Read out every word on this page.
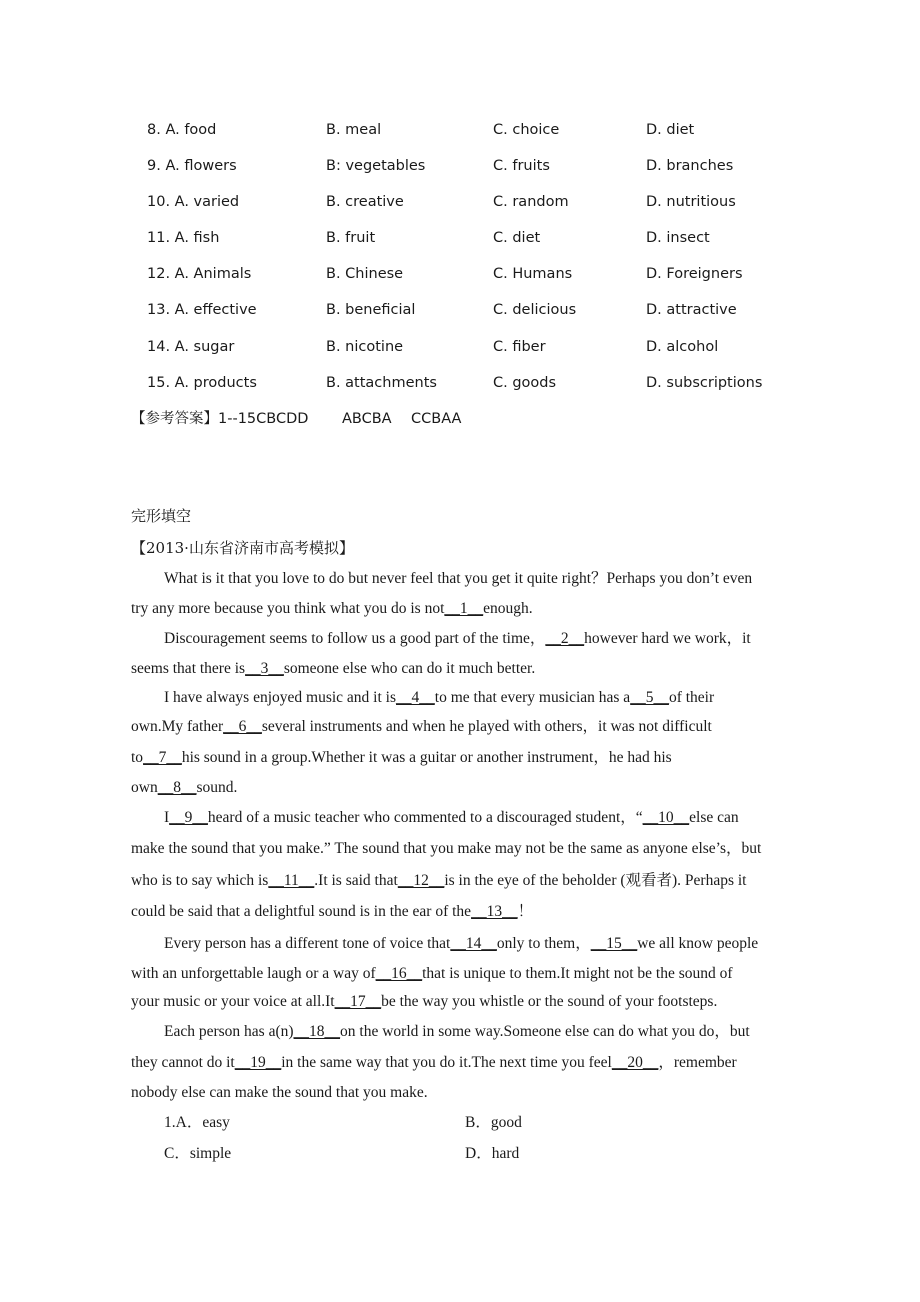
8. A. food	B. meal	C. choice	D. diet
9. A. flowers	B: vegetables	C. fruits	D. branches
10. A. varied	B. creative	C. random	D. nutritious
11. A. fish	B. fruit	C. diet	D. insect
12. A. Animals	B. Chinese	C. Humans	D. Foreigners
13. A. effective	B. beneficial	C. delicious	D. attractive
14. A. sugar	B. nicotine	C. fiber	D. alcohol
15. A. products	B. attachments	C. goods	D. subscriptions
【参考答案】1--15CBCDD ABCBA CCBAA
完形填空
【2013·山东省济南市高考模拟】
What is it that you love to do but never feel that you get it quite right？Perhaps you don’t even
try any more because you think what you do is not__1__enough.
Discouragement seems to follow us a good part of the time，__2__however hard we work，it
seems that there is__3__someone else who can do it much better.
I have always enjoyed music and it is__4__to me that every musician has a__5__of their
own.My father__6__several instruments and when he played with others，it was not difficult
to__7__his sound in a group.Whether it was a guitar or another instrument，he had his
own__8__sound.
I__9__heard of a music teacher who commented to a discouraged student，“__10__else can
make the sound that you make.” The sound that you make may not be the same as anyone else’s，but
who is to say which is__11__.It is said that__12__is in the eye of the beholder (观看者). Perhaps it
could be said that a delightful sound is in the ear of the__13__！
Every person has a different tone of voice that__14__only to them，__15__we all know people
with an unforgettable laugh or a way of__16__that is unique to them.It might not be the sound of
your music or your voice at all.It__17__be the way you whistle or the sound of your footsteps.
Each person has a(n)__18__on the world in some way.Someone else can do what you do，but
they cannot do it__19__in the same way that you do it.The next time you feel__20__，remember
nobody else can make the sound that you make.
1.A．easy	B．good
C．simple	D．hard
